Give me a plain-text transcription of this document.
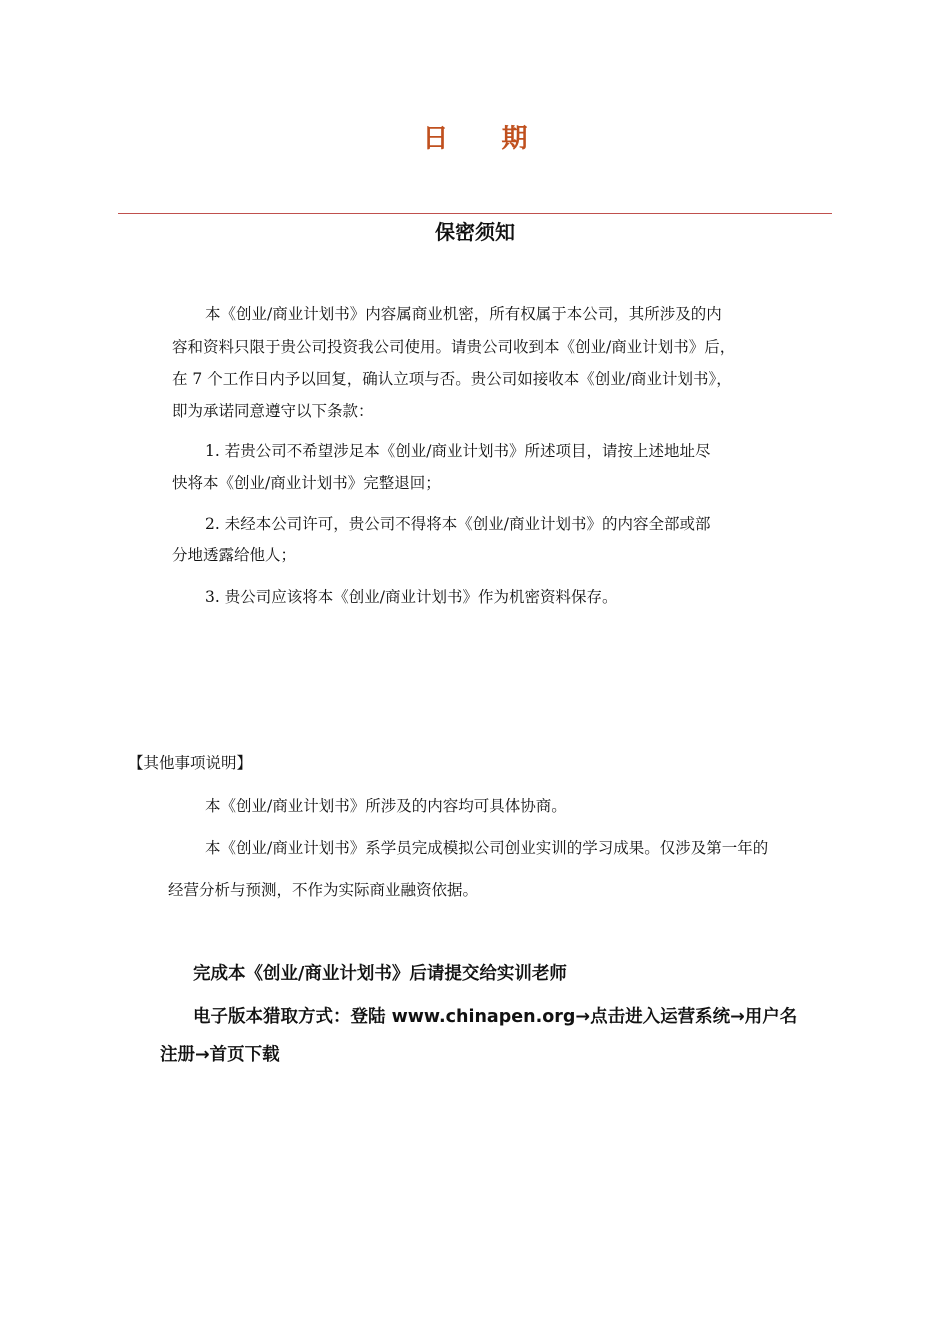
日 期
保密须知
本《创业/商业计划书》内容属商业机密，所有权属于本公司，其所涉及的内
容和资料只限于贵公司投资我公司使用。请贵公司收到本《创业/商业计划书》后，
在 7 个工作日内予以回复，确认立项与否。贵公司如接收本《创业/商业计划书》，
即为承诺同意遵守以下条款：
1. 若贵公司不希望涉足本《创业/商业计划书》所述项目，请按上述地址尽
快将本《创业/商业计划书》完整退回；
2. 未经本公司许可，贵公司不得将本《创业/商业计划书》的内容全部或部
分地透露给他人；
3. 贵公司应该将本《创业/商业计划书》作为机密资料保存。
【其他事项说明】
本《创业/商业计划书》所涉及的内容均可具体协商。
本《创业/商业计划书》系学员完成模拟公司创业实训的学习成果。仅涉及第一年的
经营分析与预测，不作为实际商业融资依据。
完成本《创业/商业计划书》后请提交给实训老师
电子版本猎取方式：登陆 www.chinapen.org→点击进入运营系统→用户名
注册→首页下载
